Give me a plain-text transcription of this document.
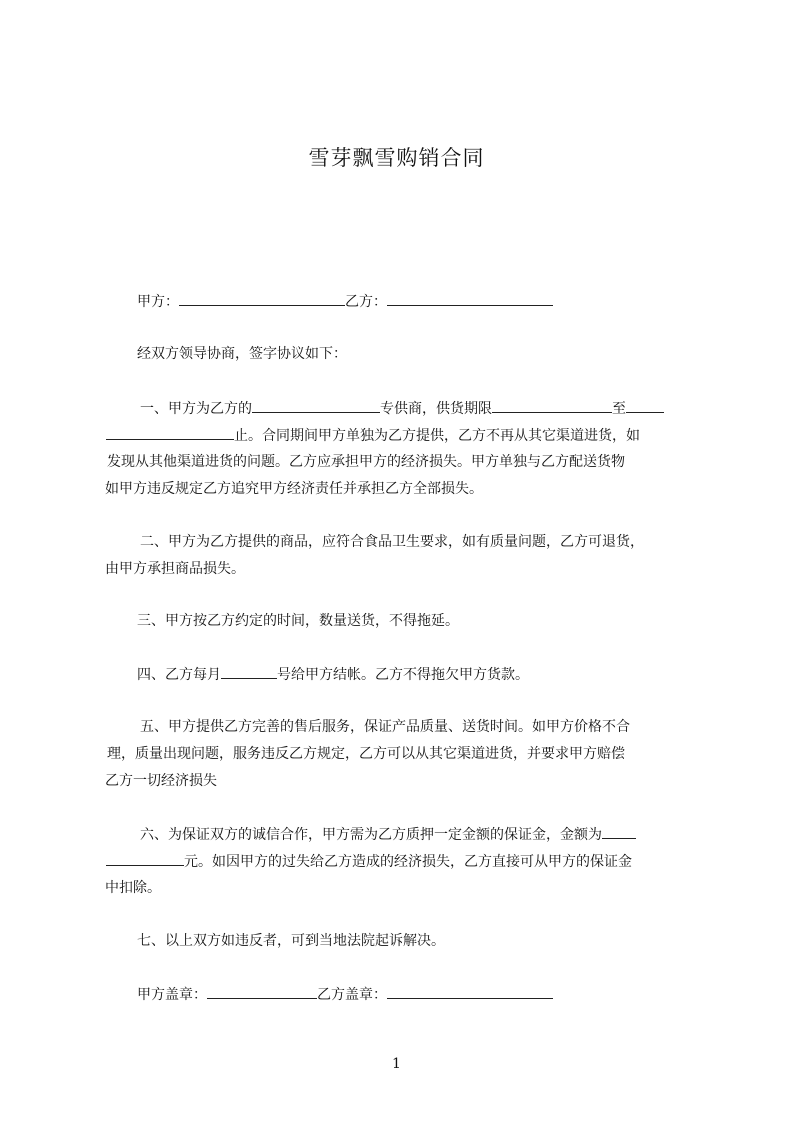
雪芽飘雪购销合同
甲方：	乙方：
经双方领导协商，签字协议如下：
一、甲方为乙方的	专供商，供货期限	至
止。合同期间甲方单独为乙方提供，乙方不再从其它渠道进货，如
发现从其他渠道进货的问题。乙方应承担甲方的经济损失。甲方单独与乙方配送货物
如甲方违反规定乙方追究甲方经济责任并承担乙方全部损失。
二、甲方为乙方提供的商品，应符合食品卫生要求，如有质量问题，乙方可退货，
由甲方承担商品损失。
三、甲方按乙方约定的时间，数量送货，不得拖延。
四、乙方每月	号给甲方结帐。乙方不得拖欠甲方货款。
五、甲方提供乙方完善的售后服务，保证产品质量、送货时间。如甲方价格不合
理，质量出现问题，服务违反乙方规定，乙方可以从其它渠道进货，并要求甲方赔偿
乙方一切经济损失
六、为保证双方的诚信合作，甲方需为乙方质押一定金额的保证金，金额为
元。如因甲方的过失给乙方造成的经济损失，乙方直接可从甲方的保证金
中扣除。
七、以上双方如违反者，可到当地法院起诉解决。
甲方盖章：	乙方盖章：
1
